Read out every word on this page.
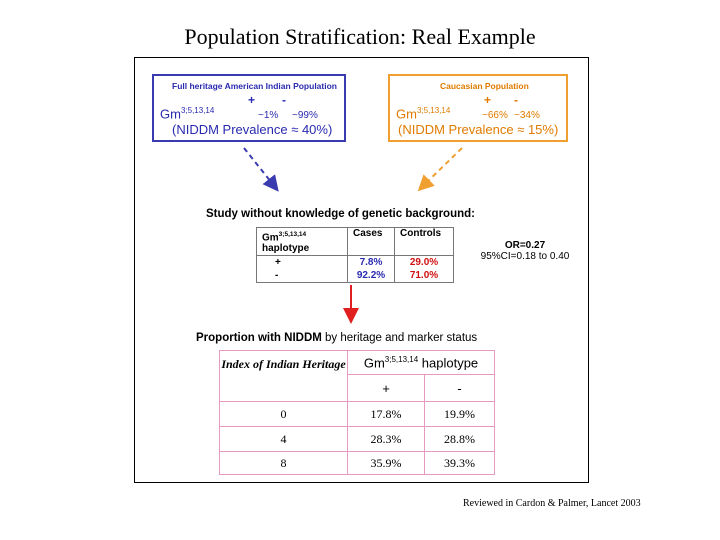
Population Stratification: Real Example
Full heritage American Indian Population
+ -
Gm$^{3;5,13,14}$	~1% ~99%
(NIDDM Prevalence ≈ 40%)
Caucasian Population
+ -
Gm$^{3;5,13,14}$	~66% ~34%
(NIDDM Prevalence ≈ 15%)
Study without knowledge of genetic background:
Gm$^{3;5,13,14}$
haplotype	Cases	Controls
+	7.8%	29.0%
-	92.2%	71.0%
OR=0.27
95%CI=0.18 to 0.40
Proportion with NIDDM by heritage and marker status
Index of Indian Heritage	Gm$^{3;5,13,14}$ haplotype	
	+	-
0	17.8%	19.9%
4	28.3%	28.8%
8	35.9%	39.3%
Reviewed in Cardon & Palmer, Lancet 2003
